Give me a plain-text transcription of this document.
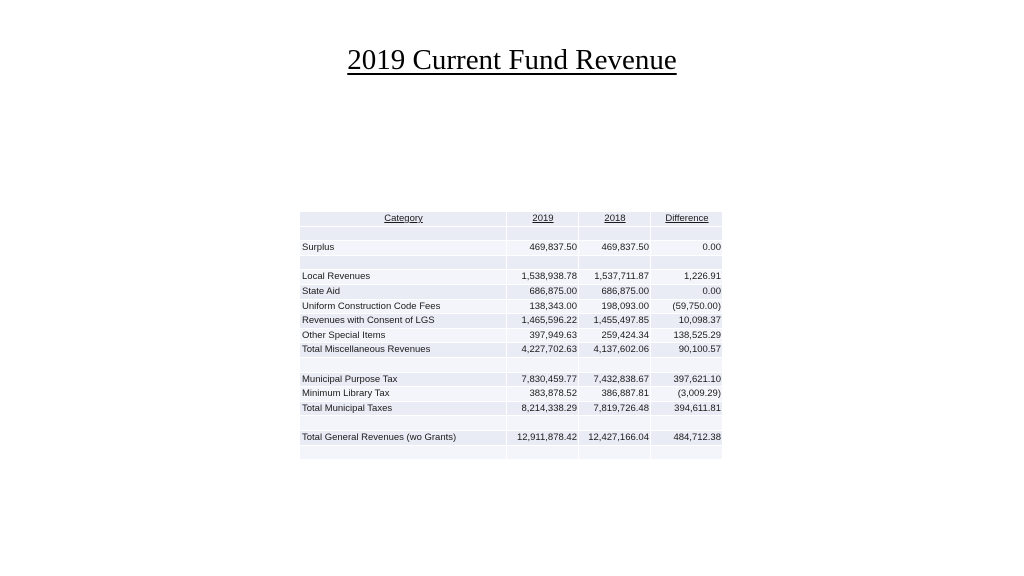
2019 Current Fund Revenue
Category	2019	2018	Difference

Surplus	469,837.50	469,837.50	0.00

Local Revenues	1,538,938.78	1,537,711.87	1,226.91
State Aid	686,875.00	686,875.00	0.00
Uniform Construction Code Fees	138,343.00	198,093.00	(59,750.00)
Revenues with Consent of LGS	1,465,596.22	1,455,497.85	10,098.37
Other Special Items	397,949.63	259,424.34	138,525.29
Total Miscellaneous Revenues	4,227,702.63	4,137,602.06	90,100.57

Municipal Purpose Tax	7,830,459.77	7,432,838.67	397,621.10
Minimum Library Tax	383,878.52	386,887.81	(3,009.29)
Total Municipal Taxes	8,214,338.29	7,819,726.48	394,611.81

Total General Revenues (wo Grants)	12,911,878.42	12,427,166.04	484,712.38
